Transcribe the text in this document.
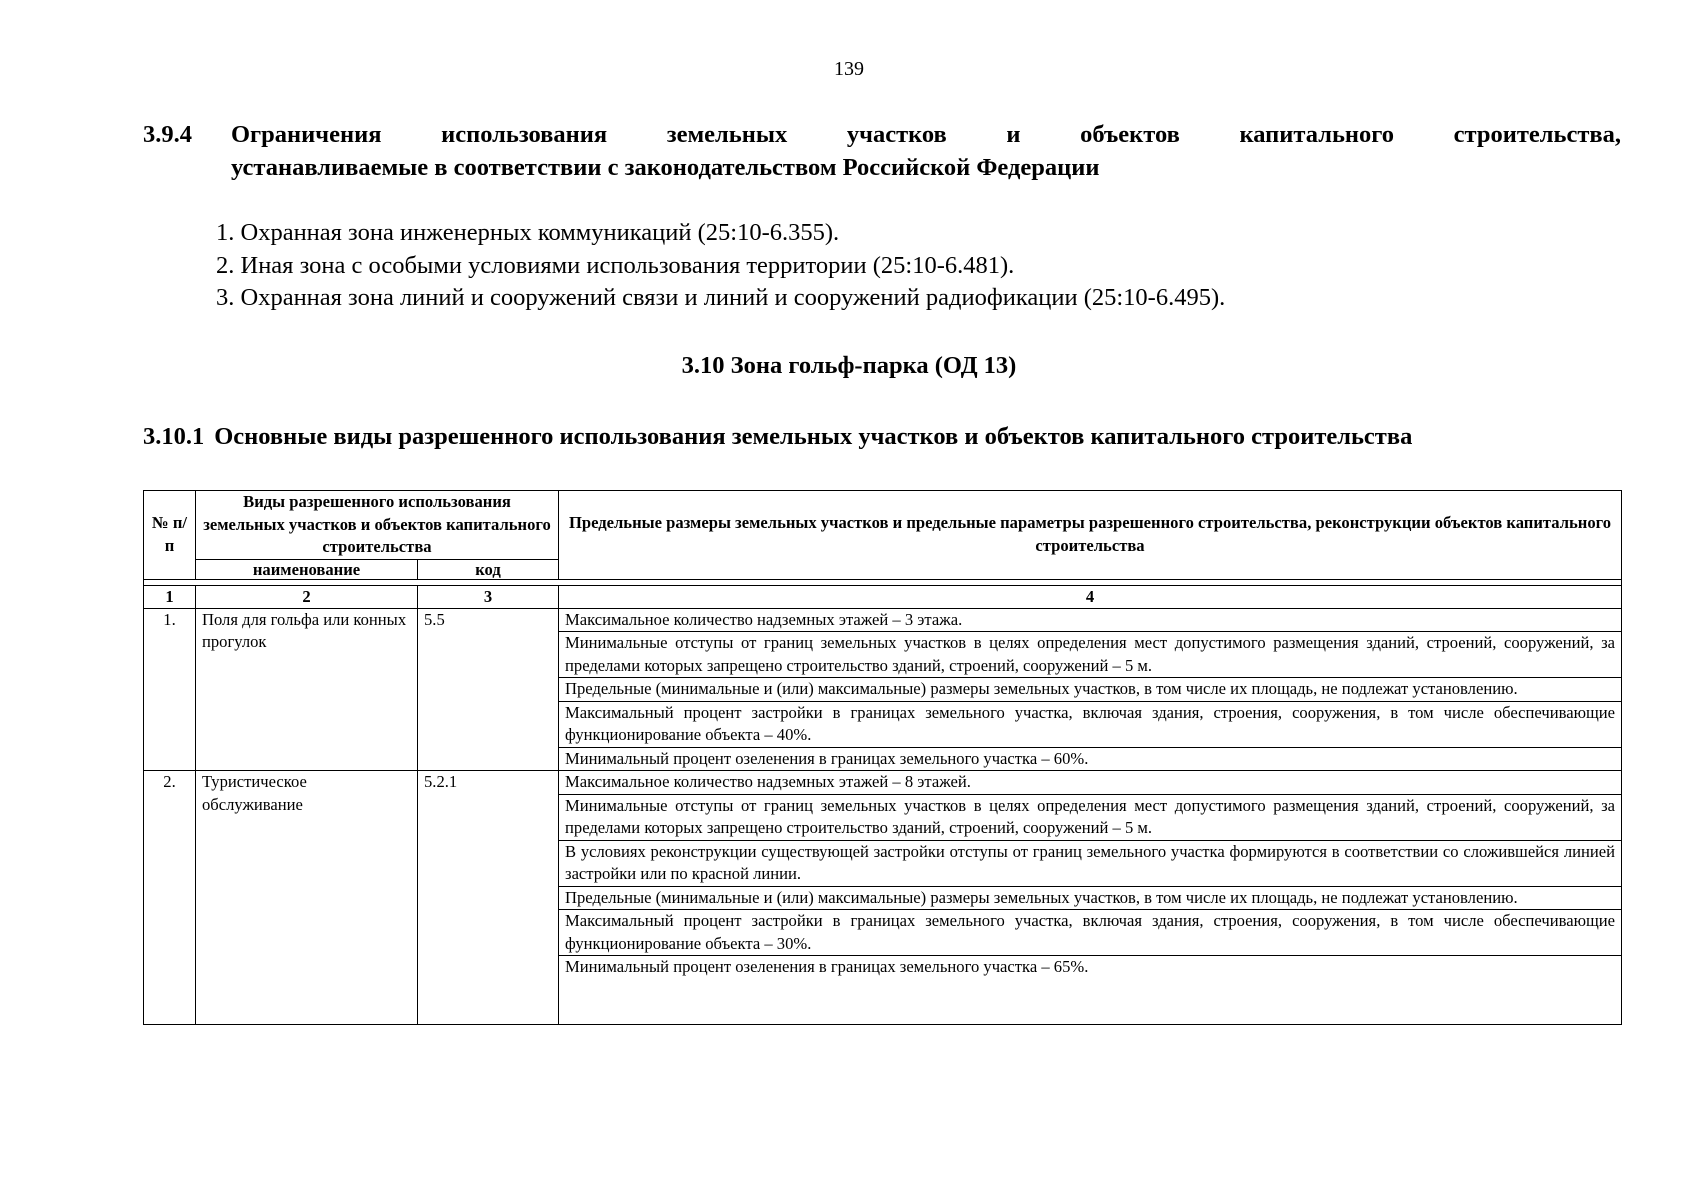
139
3.9.4 Ограничения использования земельных участков и объектов капитального строительства,
устанавливаемые в соответствии с законодательством Российской Федерации
1. Охранная зона инженерных коммуникаций (25:10-6.355).
2. Иная зона с особыми условиями использования территории (25:10-6.481).
3. Охранная зона линий и сооружений связи и линий и сооружений радиофикации (25:10-6.495).
3.10 Зона гольф-парка (ОД 13)
3.10.1 Основные виды разрешенного использования земельных участков и объектов капитального строительства
№ п/п	Виды разрешенного использования земельных участков и объектов капитального строительства		Предельные размеры земельных участков и предельные параметры разрешенного строительства, реконструкции объектов капитального строительства
	наименование	код	

1	2	3	4
1.	Поля для гольфа или конных прогулок	5.5	Максимальное количество надземных этажей – 3 этажа.
			Минимальные отступы от границ земельных участков в целях определения мест допустимого размещения зданий, строений, сооружений, за пределами которых запрещено строительство зданий, строений, сооружений – 5 м.
			Предельные (минимальные и (или) максимальные) размеры земельных участков, в том числе их площадь, не подлежат установлению.
			Максимальный процент застройки в границах земельного участка, включая здания, строения, сооружения, в том числе обеспечивающие функционирование объекта – 40%.
			Минимальный процент озеленения в границах земельного участка – 60%.
2.	Туристическое обслуживание	5.2.1	Максимальное количество надземных этажей – 8 этажей.
			Минимальные отступы от границ земельных участков в целях определения мест допустимого размещения зданий, строений, сооружений, за пределами которых запрещено строительство зданий, строений, сооружений – 5 м.
			В условиях реконструкции существующей застройки отступы от границ земельного участка формируются в соответствии со сложившейся линией застройки или по красной линии.
			Предельные (минимальные и (или) максимальные) размеры земельных участков, в том числе их площадь, не подлежат установлению.
			Максимальный процент застройки в границах земельного участка, включая здания, строения, сооружения, в том числе обеспечивающие функционирование объекта – 30%.
			Минимальный процент озеленения в границах земельного участка – 65%.
